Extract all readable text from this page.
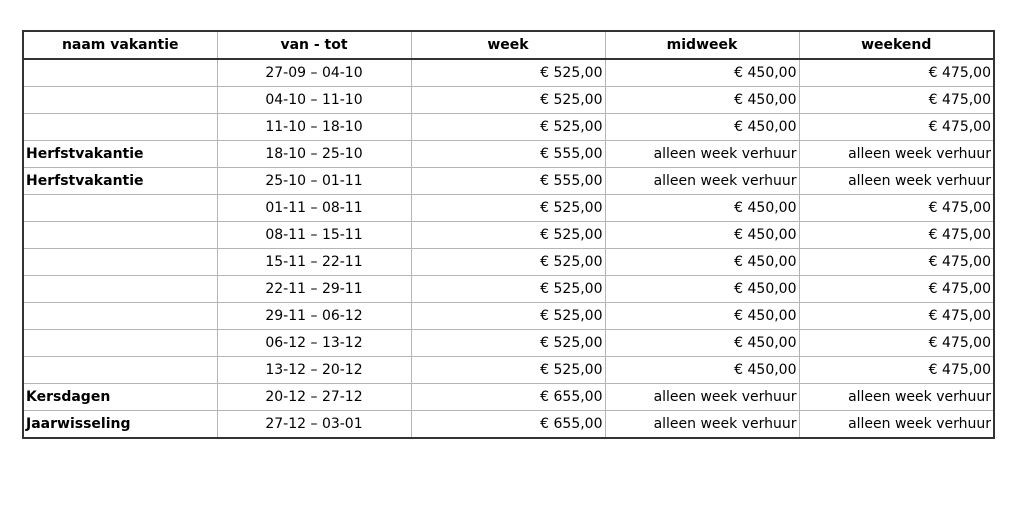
naam vakantie	van - tot	week	midweek	weekend
	27-09 – 04-10	€ 525,00	€ 450,00	€ 475,00
	04-10 – 11-10	€ 525,00	€ 450,00	€ 475,00
	11-10 – 18-10	€ 525,00	€ 450,00	€ 475,00
Herfstvakantie	18-10 – 25-10	€ 555,00	alleen week verhuur	alleen week verhuur
Herfstvakantie	25-10 – 01-11	€ 555,00	alleen week verhuur	alleen week verhuur
	01-11 – 08-11	€ 525,00	€ 450,00	€ 475,00
	08-11 – 15-11	€ 525,00	€ 450,00	€ 475,00
	15-11 – 22-11	€ 525,00	€ 450,00	€ 475,00
	22-11 – 29-11	€ 525,00	€ 450,00	€ 475,00
	29-11 – 06-12	€ 525,00	€ 450,00	€ 475,00
	06-12 – 13-12	€ 525,00	€ 450,00	€ 475,00
	13-12 – 20-12	€ 525,00	€ 450,00	€ 475,00
Kersdagen	20-12 – 27-12	€ 655,00	alleen week verhuur	alleen week verhuur
Jaarwisseling	27-12 – 03-01	€ 655,00	alleen week verhuur	alleen week verhuur
